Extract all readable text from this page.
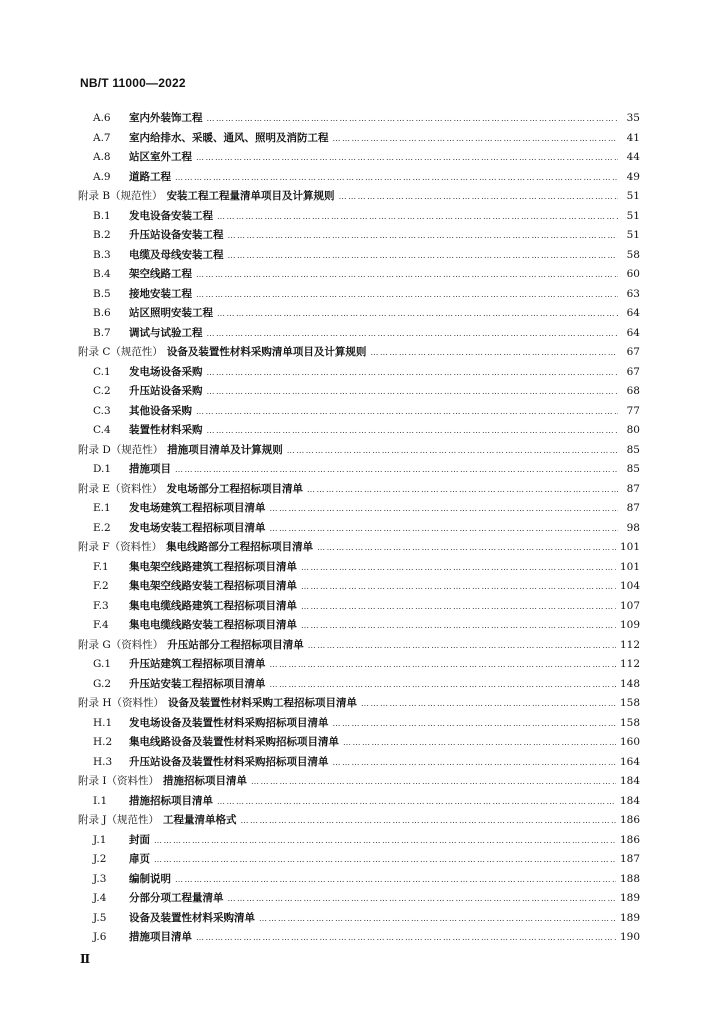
NB/T 11000—2022
A.6	室内外装饰工程 ………………………………………………………………………………………………………………………………………………………………	35
A.7	室内给排水、采暖、通风、照明及消防工程 ………………………………………………………………………………………………………………………………………………………………	41
A.8	站区室外工程 ………………………………………………………………………………………………………………………………………………………………	44
A.9	道路工程 ………………………………………………………………………………………………………………………………………………………………	49
附录 B（规范性） 安装工程工程量清单项目及计算规则 ………………………………………………………………………………………………………………………………………………………………	51
B.1	发电设备安装工程 ………………………………………………………………………………………………………………………………………………………………	51
B.2	升压站设备安装工程 ………………………………………………………………………………………………………………………………………………………………	51
B.3	电缆及母线安装工程 ………………………………………………………………………………………………………………………………………………………………	58
B.4	架空线路工程 ………………………………………………………………………………………………………………………………………………………………	60
B.5	接地安装工程 ………………………………………………………………………………………………………………………………………………………………	63
B.6	站区照明安装工程 ………………………………………………………………………………………………………………………………………………………………	64
B.7	调试与试验工程 ………………………………………………………………………………………………………………………………………………………………	64
附录 C（规范性） 设备及装置性材料采购清单项目及计算规则 ………………………………………………………………………………………………………………………………………………………………	67
C.1	发电场设备采购 ………………………………………………………………………………………………………………………………………………………………	67
C.2	升压站设备采购 ………………………………………………………………………………………………………………………………………………………………	68
C.3	其他设备采购 ………………………………………………………………………………………………………………………………………………………………	77
C.4	装置性材料采购 ………………………………………………………………………………………………………………………………………………………………	80
附录 D（规范性） 措施项目清单及计算规则 ………………………………………………………………………………………………………………………………………………………………	85
D.1	措施项目 ………………………………………………………………………………………………………………………………………………………………	85
附录 E（资料性） 发电场部分工程招标项目清单 ………………………………………………………………………………………………………………………………………………………………	87
E.1	发电场建筑工程招标项目清单 ………………………………………………………………………………………………………………………………………………………………	87
E.2	发电场安装工程招标项目清单 ………………………………………………………………………………………………………………………………………………………………	98
附录 F（资料性） 集电线路部分工程招标项目清单 ………………………………………………………………………………………………………………………………………………………………	101
F.1	集电架空线路建筑工程招标项目清单 ………………………………………………………………………………………………………………………………………………………………	101
F.2	集电架空线路安装工程招标项目清单 ………………………………………………………………………………………………………………………………………………………………	104
F.3	集电电缆线路建筑工程招标项目清单 ………………………………………………………………………………………………………………………………………………………………	107
F.4	集电电缆线路安装工程招标项目清单 ………………………………………………………………………………………………………………………………………………………………	109
附录 G（资料性） 升压站部分工程招标项目清单 ………………………………………………………………………………………………………………………………………………………………	112
G.1	升压站建筑工程招标项目清单 ………………………………………………………………………………………………………………………………………………………………	112
G.2	升压站安装工程招标项目清单 ………………………………………………………………………………………………………………………………………………………………	148
附录 H（资料性） 设备及装置性材料采购工程招标项目清单 ………………………………………………………………………………………………………………………………………………………………	158
H.1	发电场设备及装置性材料采购招标项目清单 ………………………………………………………………………………………………………………………………………………………………	158
H.2	集电线路设备及装置性材料采购招标项目清单 ………………………………………………………………………………………………………………………………………………………………	160
H.3	升压站设备及装置性材料采购招标项目清单 ………………………………………………………………………………………………………………………………………………………………	164
附录 I（资料性） 措施招标项目清单 ………………………………………………………………………………………………………………………………………………………………	184
I.1	措施招标项目清单 ………………………………………………………………………………………………………………………………………………………………	184
附录 J（规范性） 工程量清单格式 ………………………………………………………………………………………………………………………………………………………………	186
J.1	封面 ………………………………………………………………………………………………………………………………………………………………	186
J.2	扉页 ………………………………………………………………………………………………………………………………………………………………	187
J.3	编制说明 ………………………………………………………………………………………………………………………………………………………………	188
J.4	分部分项工程量清单 ………………………………………………………………………………………………………………………………………………………………	189
J.5	设备及装置性材料采购清单 ………………………………………………………………………………………………………………………………………………………………	189
J.6	措施项目清单 ………………………………………………………………………………………………………………………………………………………………	190
Ⅱ
